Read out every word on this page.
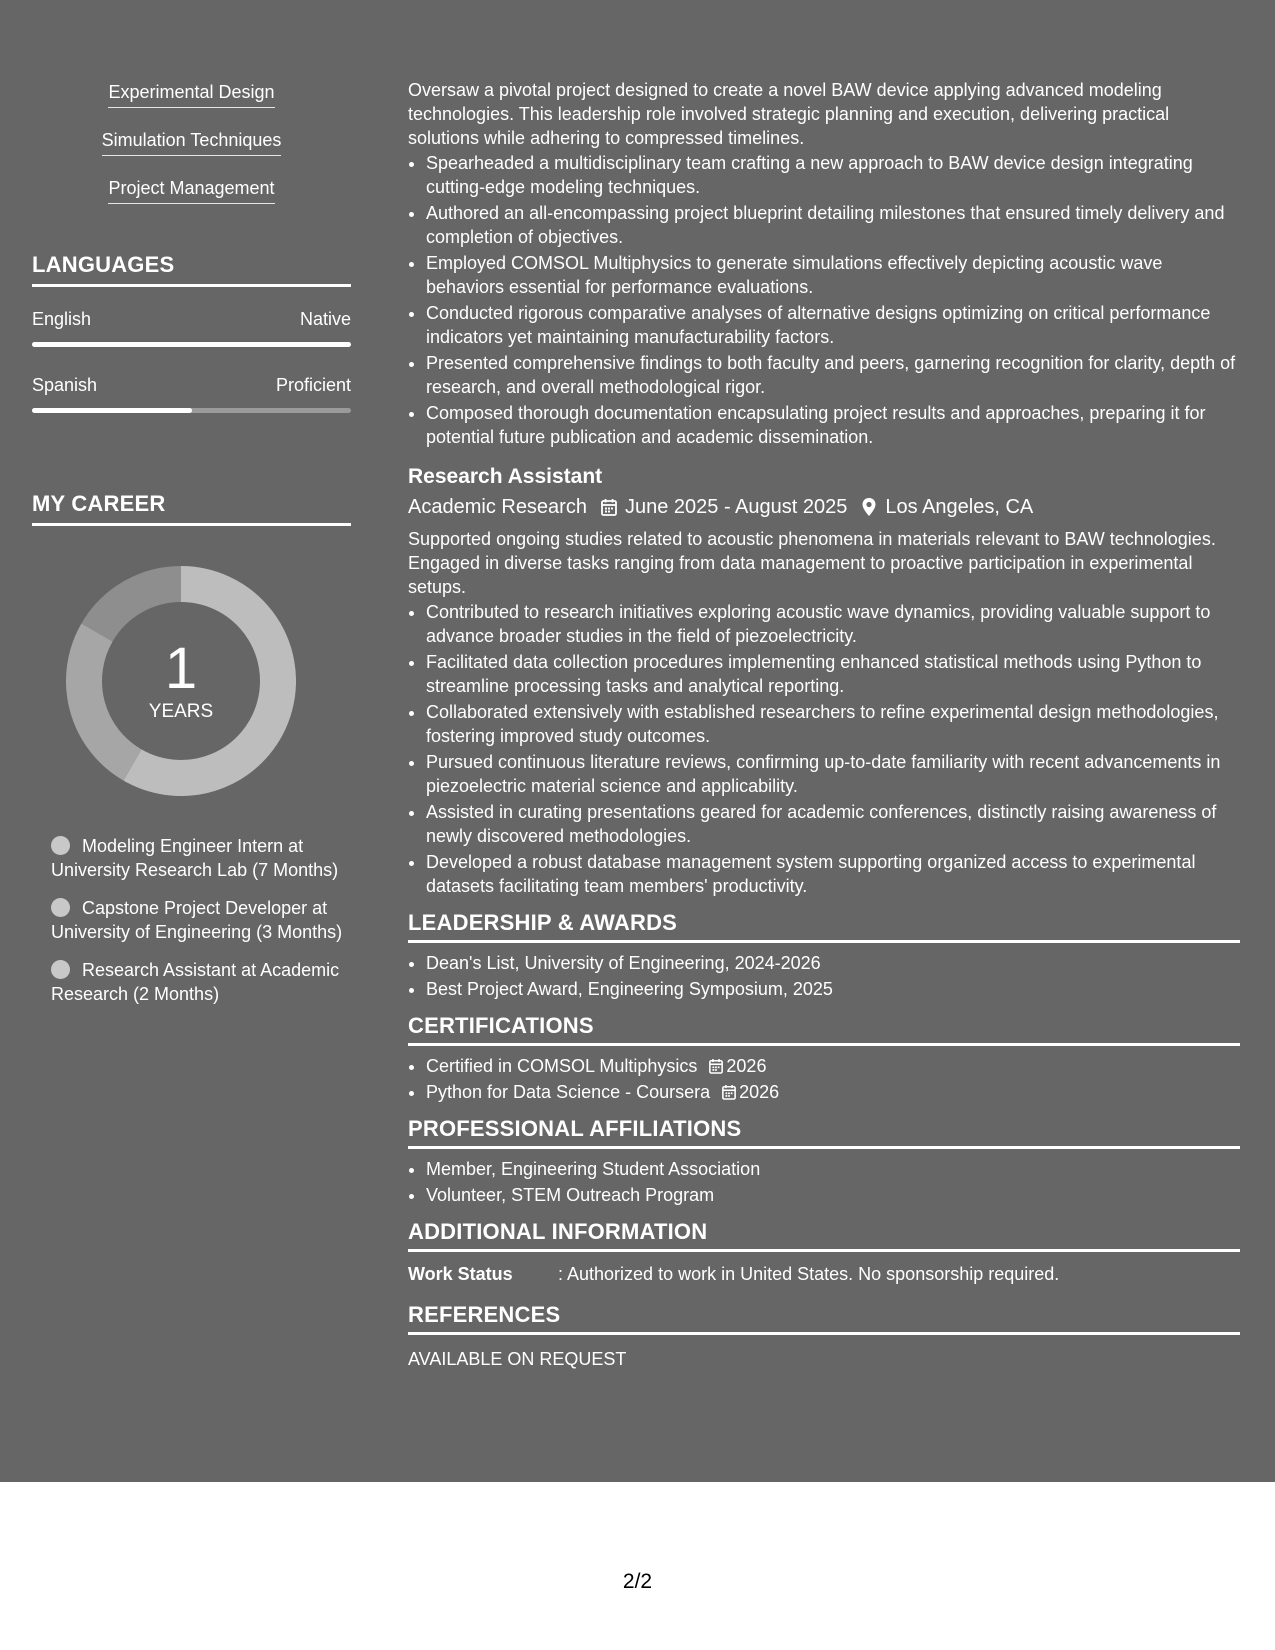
Experimental Design
Simulation Techniques
Project Management
LANGUAGES
English	Native
Spanish	Proficient
MY CAREER
1
YEARS
Modeling Engineer Intern at University Research Lab (7 Months)
Capstone Project Developer at University of Engineering (3 Months)
Research Assistant at Academic Research (2 Months)

Oversaw a pivotal project designed to create a novel BAW device applying advanced modeling technologies. This leadership role involved strategic planning and execution, delivering practical solutions while adhering to compressed timelines.

• Spearheaded a multidisciplinary team crafting a new approach to BAW device design integrating cutting-edge modeling techniques.
• Authored an all-encompassing project blueprint detailing milestones that ensured timely delivery and completion of objectives.
• Employed COMSOL Multiphysics to generate simulations effectively depicting acoustic wave behaviors essential for performance evaluations.
• Conducted rigorous comparative analyses of alternative designs optimizing on critical performance indicators yet maintaining manufacturability factors.
• Presented comprehensive findings to both faculty and peers, garnering recognition for clarity, depth of research, and overall methodological rigor.
• Composed thorough documentation encapsulating project results and approaches, preparing it for potential future publication and academic dissemination.
Research Assistant
Academic Research June 2025 - August 2025 Los Angeles, CA

Supported ongoing studies related to acoustic phenomena in materials relevant to BAW technologies. Engaged in diverse tasks ranging from data management to proactive participation in experimental setups.

• Contributed to research initiatives exploring acoustic wave dynamics, providing valuable support to advance broader studies in the field of piezoelectricity.
• Facilitated data collection procedures implementing enhanced statistical methods using Python to streamline processing tasks and analytical reporting.
• Collaborated extensively with established researchers to refine experimental design methodologies, fostering improved study outcomes.
• Pursued continuous literature reviews, confirming up-to-date familiarity with recent advancements in piezoelectric material science and applicability.
• Assisted in curating presentations geared for academic conferences, distinctly raising awareness of newly discovered methodologies.
• Developed a robust database management system supporting organized access to experimental datasets facilitating team members' productivity.
LEADERSHIP & AWARDS
• Dean's List, University of Engineering, 2024-2026
• Best Project Award, Engineering Symposium, 2025
CERTIFICATIONS
• Certified in COMSOL Multiphysics 2026
• Python for Data Science - Coursera 2026
PROFESSIONAL AFFILIATIONS
• Member, Engineering Student Association
• Volunteer, STEM Outreach Program
ADDITIONAL INFORMATION
Work Status	: Authorized to work in United States. No sponsorship required.
REFERENCES
AVAILABLE ON REQUEST
2/2
